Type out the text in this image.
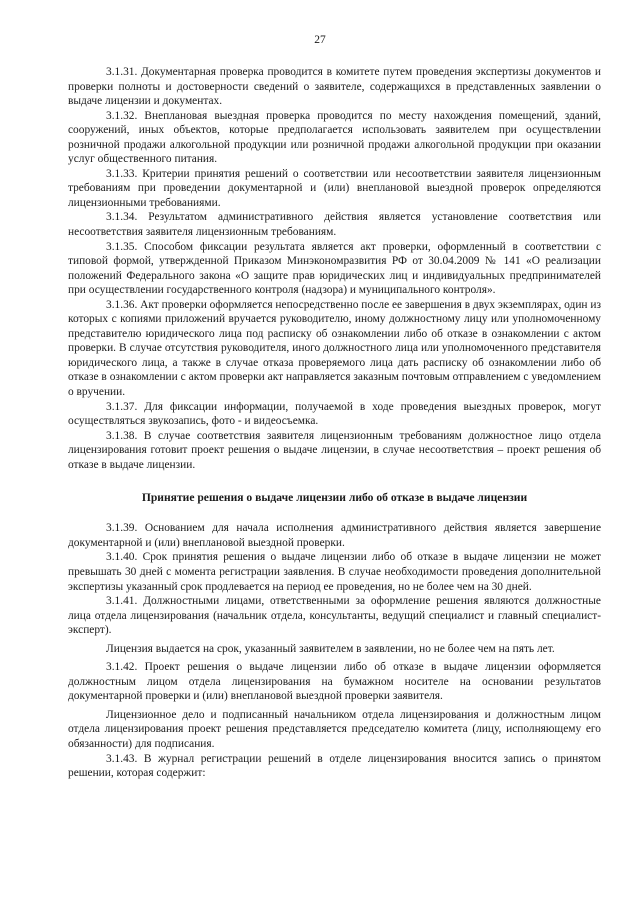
27

3.1.31. Документарная проверка проводится в комитете путем проведения экспертизы документов и проверки полноты и достоверности сведений о заявителе, содержащихся в представленных заявлении о выдаче лицензии и документах.

3.1.32. Внеплановая выездная проверка проводится по месту нахождения помещений, зданий, сооружений, иных объектов, которые предполагается использовать заявителем при осуществлении розничной продажи алкогольной продукции или розничной продажи алкогольной продукции при оказании услуг общественного питания.

3.1.33. Критерии принятия решений о соответствии или несоответствии заявителя лицензионным требованиям при проведении документарной и (или) внеплановой выездной проверок определяются лицензионными требованиями.

3.1.34. Результатом административного действия является установление соответствия или несоответствия заявителя лицензионным требованиям.

3.1.35. Способом фиксации результата является акт проверки, оформленный в соответствии с типовой формой, утвержденной Приказом Минэкономразвития РФ от 30.04.2009 № 141 «О реализации положений Федерального закона «О защите прав юридических лиц и индивидуальных предпринимателей при осуществлении государственного контроля (надзора) и муниципального контроля».

3.1.36. Акт проверки оформляется непосредственно после ее завершения в двух экземплярах, один из которых с копиями приложений вручается руководителю, иному должностному лицу или уполномоченному представителю юридического лица под расписку об ознакомлении либо об отказе в ознакомлении с актом проверки. В случае отсутствия руководителя, иного должностного лица или уполномоченного представителя юридического лица, а также в случае отказа проверяемого лица дать расписку об ознакомлении либо об отказе в ознакомлении с актом проверки акт направляется заказным почтовым отправлением с уведомлением о вручении.

3.1.37. Для фиксации информации, получаемой в ходе проведения выездных проверок, могут осуществляться звукозапись, фото - и видеосъемка.

3.1.38. В случае соответствия заявителя лицензионным требованиям должностное лицо отдела лицензирования готовит проект решения о выдаче лицензии, в случае несоответствия – проект решения об отказе в выдаче лицензии.

Принятие решения о выдаче лицензии либо об отказе в выдаче лицензии

3.1.39. Основанием для начала исполнения административного действия является завершение документарной и (или) внеплановой выездной проверки.

3.1.40. Срок принятия решения о выдаче лицензии либо об отказе в выдаче лицензии не может превышать 30 дней с момента регистрации заявления. В случае необходимости проведения дополнительной экспертизы указанный срок продлевается на период ее проведения, но не более чем на 30 дней.

3.1.41. Должностными лицами, ответственными за оформление решения являются должностные лица отдела лицензирования (начальник отдела, консультанты, ведущий специалист и главный специалист-эксперт).

Лицензия выдается на срок, указанный заявителем в заявлении, но не более чем на пять лет.

3.1.42. Проект решения о выдаче лицензии либо об отказе в выдаче лицензии оформляется должностным лицом отдела лицензирования на бумажном носителе на основании результатов документарной проверки и (или) внеплановой выездной проверки заявителя.

Лицензионное дело и подписанный начальником отдела лицензирования и должностным лицом отдела лицензирования проект решения представляется председателю комитета (лицу, исполняющему его обязанности) для подписания.

3.1.43. В журнал регистрации решений в отделе лицензирования вносится запись о принятом решении, которая содержит:
